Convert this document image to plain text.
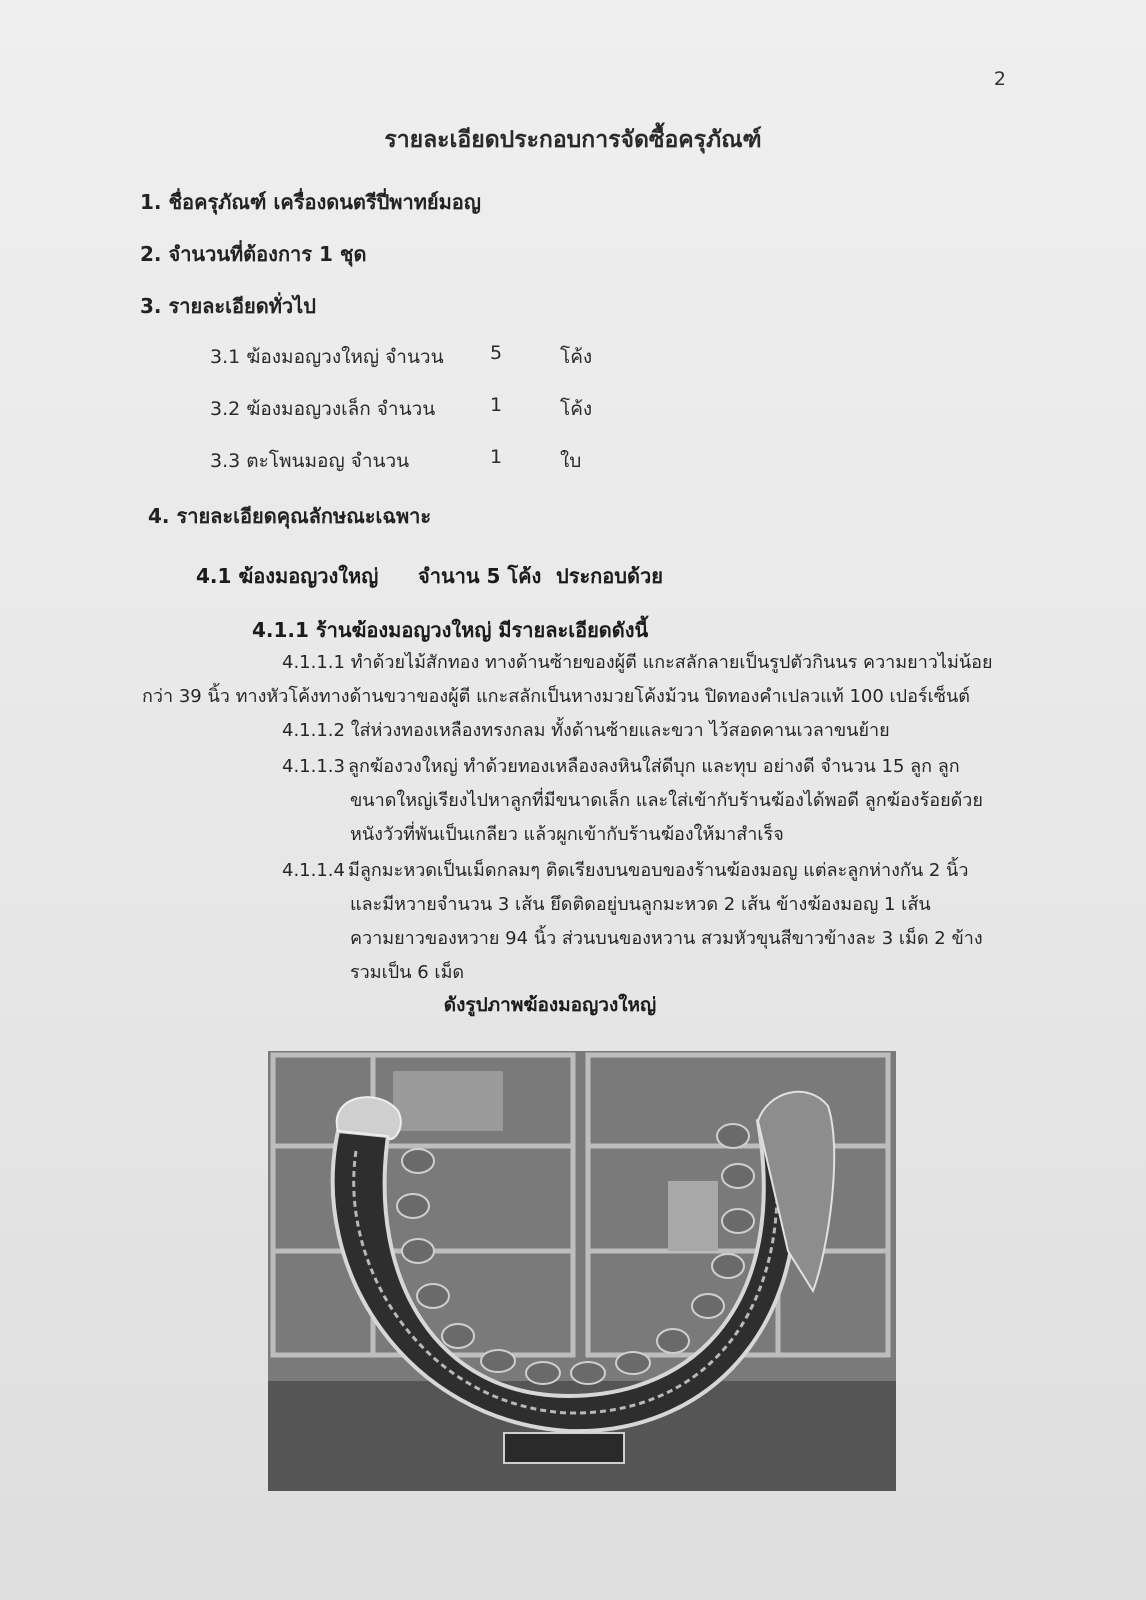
2
รายละเอียดประกอบการจัดซื้อครุภัณฑ์
1. ชื่อครุภัณฑ์ เครื่องดนตรีปี่พาทย์มอญ
2. จำนวนที่ต้องการ 1 ชุด
3. รายละเอียดทั่วไป
3.1 ฆ้องมอญวงใหญ่ จำนวน 5	โค้ง
3.2 ฆ้องมอญวงเล็ก จำนวน	1	โค้ง
3.3 ตะโพนมอญ จำนวน	1	ใบ
4. รายละเอียดคุณลักษณะเฉพาะ
4.1 ฆ้องมอญวงใหญ่ จำนาน 5 โค้ง ประกอบด้วย
4.1.1 ร้านฆ้องมอญวงใหญ่ มีรายละเอียดดังนี้
4.1.1.1 ทำด้วยไม้สักทอง ทางด้านซ้ายของผู้ตี แกะสลักลายเป็นรูปตัวกินนร ความยาวไม่น้อย
กว่า 39 นิ้ว ทางหัวโค้งทางด้านขวาของผู้ตี แกะสลักเป็นหางมวยโค้งม้วน ปิดทองคำเปลวแท้ 100 เปอร์เซ็นต์
4.1.1.2 ใส่ห่วงทองเหลืองทรงกลม ทั้งด้านซ้ายและขวา ไว้สอดคานเวลาขนย้าย
4.1.1.3 ลูกฆ้องวงใหญ่ ทำด้วยทองเหลืองลงหินใส่ดีบุก และทุบ อย่างดี จำนวน 15 ลูก ลูก
ขนาดใหญ่เรียงไปหาลูกที่มีขนาดเล็ก และใส่เข้ากับร้านฆ้องได้พอดี ลูกฆ้องร้อยด้วย
หนังวัวที่พันเป็นเกลียว แล้วผูกเข้ากับร้านฆ้องให้มาสำเร็จ
4.1.1.4 มีลูกมะหวดเป็นเม็ดกลมๆ ติดเรียงบนขอบของร้านฆ้องมอญ แต่ละลูกห่างกัน 2 นิ้ว
และมีหวายจำนวน 3 เส้น ยึดติดอยู่บนลูกมะหวด 2 เส้น ข้างฆ้องมอญ 1 เส้น
ความยาวของหวาย 94 นิ้ว ส่วนบนของหวาน สวมหัวขุนสีขาวข้างละ 3 เม็ด 2 ข้าง
รวมเป็น 6 เม็ด
ดังรูปภาพฆ้องมอญวงใหญ่
